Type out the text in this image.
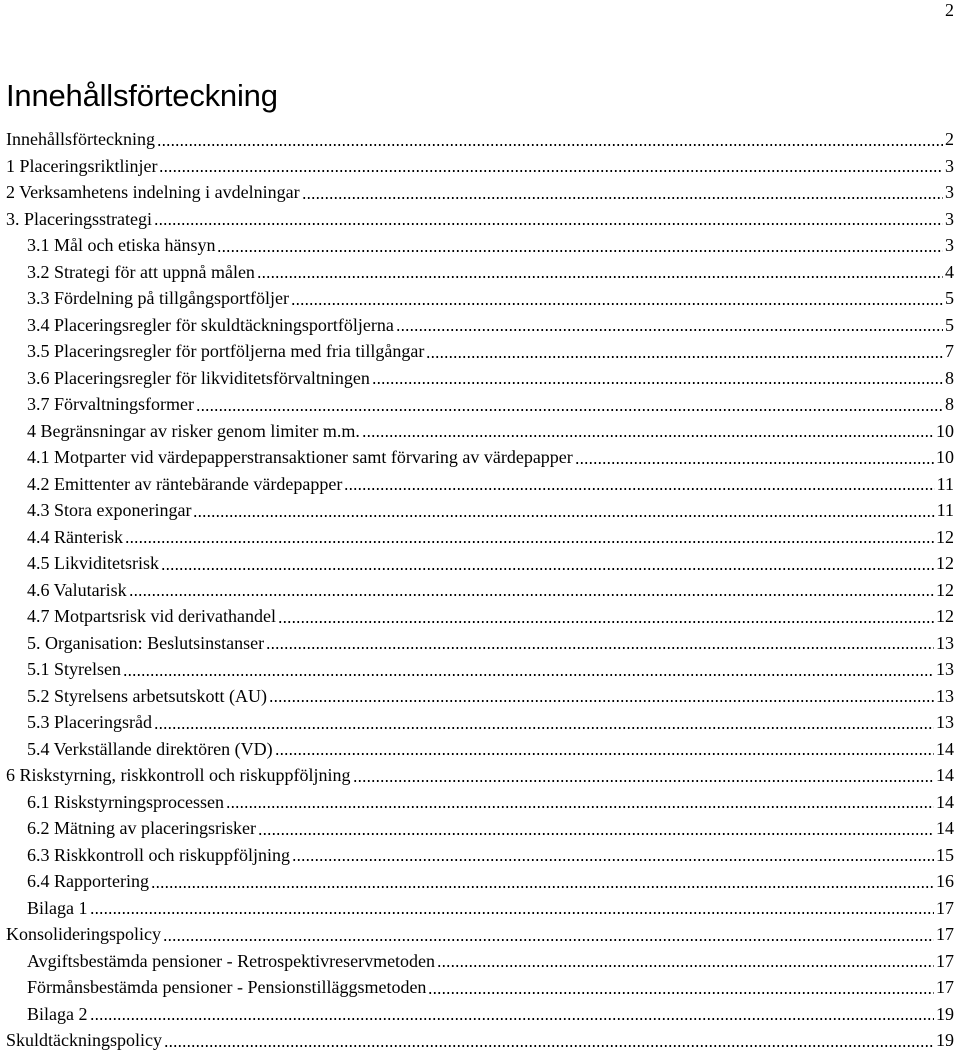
2
Innehållsförteckning
Innehållsförteckning	2
1 Placeringsriktlinjer	3
2 Verksamhetens indelning i avdelningar	3
3. Placeringsstrategi	3
3.1 Mål och etiska hänsyn	3
3.2 Strategi för att uppnå målen	4
3.3 Fördelning på tillgångsportföljer	5
3.4 Placeringsregler för skuldtäckningsportföljerna	5
3.5 Placeringsregler för portföljerna med fria tillgångar	7
3.6 Placeringsregler för likviditetsförvaltningen	8
3.7 Förvaltningsformer	8
4 Begränsningar av risker genom limiter m.m.	10
4.1 Motparter vid värdepapperstransaktioner samt förvaring av värdepapper	10
4.2 Emittenter av räntebärande värdepapper	11
4.3 Stora exponeringar	11
4.4 Ränterisk	12
4.5 Likviditetsrisk	12
4.6 Valutarisk	12
4.7 Motpartsrisk vid derivathandel	12
5. Organisation: Beslutsinstanser	13
5.1 Styrelsen	13
5.2 Styrelsens arbetsutskott (AU)	13
5.3 Placeringsråd	13
5.4 Verkställande direktören (VD)	14
6 Riskstyrning, riskkontroll och riskuppföljning	14
6.1 Riskstyrningsprocessen	14
6.2 Mätning av placeringsrisker	14
6.3 Riskkontroll och riskuppföljning	15
6.4 Rapportering	16
Bilaga 1	17
Konsolideringspolicy	17
Avgiftsbestämda pensioner - Retrospektivreservmetoden	17
Förmånsbestämda pensioner - Pensionstilläggsmetoden	17
Bilaga 2	19
Skuldtäckningspolicy	19
